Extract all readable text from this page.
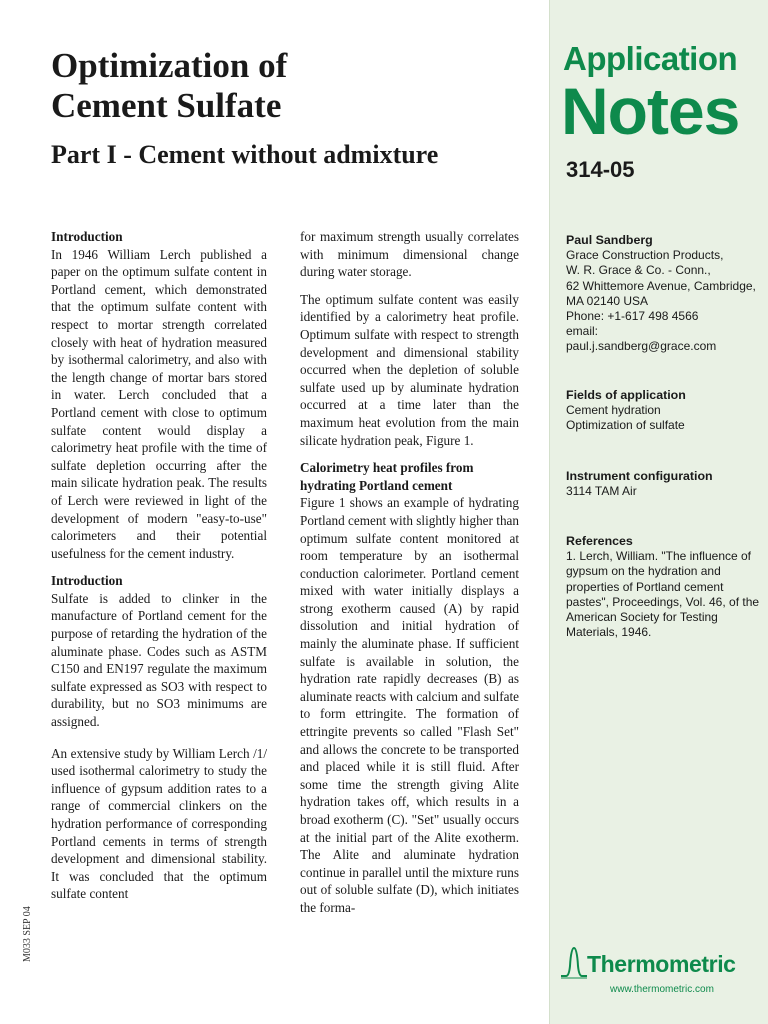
Optimization of
Cement Sulfate
Part I - Cement without admixture
Introduction

In 1946 William Lerch published a paper on the optimum sulfate content in Portland cement, which demonstrated that the optimum sulfate content with respect to mortar strength correlated closely with heat of hydration measured by isothermal calorimetry, and also with the length change of mortar bars stored in water. Lerch concluded that a Portland cement with close to optimum sulfate content would display a calorimetry heat profile with the time of sulfate depletion occurring after the main silicate hydration peak. The results of Lerch were reviewed in light of the development of modern "easy-to-use" calorimeters and their potential usefulness for the cement industry.

Introduction

Sulfate is added to clinker in the manufacture of Portland cement for the purpose of retarding the hydration of the aluminate phase. Codes such as ASTM C150 and EN197 regulate the maximum sulfate expressed as SO3 with respect to durability, but no SO3 minimums are assigned.

An extensive study by William Lerch /1/ used isothermal calorimetry to study the influence of gypsum addition rates to a range of commercial clinkers on the hydration performance of corresponding Portland cements in terms of strength development and dimensional stability. It was concluded that the optimum sulfate content

for maximum strength usually correlates with minimum dimensional change during water storage.

The optimum sulfate content was easily identified by a calorimetry heat profile. Optimum sulfate with respect to strength development and dimensional stability occurred when the depletion of soluble sulfate used up by aluminate hydration occurred at a time later than the maximum heat evolution from the main silicate hydration peak, Figure 1.

Calorimetry heat profiles from hydrating Portland cement

Figure 1 shows an example of hydrating Portland cement with slightly higher than optimum sulfate content monitored at room temperature by an isothermal conduction calorimeter. Portland cement mixed with water initially displays a strong exotherm caused (A) by rapid dissolution and initial hydration of mainly the aluminate phase. If sufficient sulfate is available in solution, the hydration rate rapidly decreases (B) as aluminate reacts with calcium and sulfate to form ettringite. The formation of ettringite prevents so called "Flash Set" and allows the concrete to be transported and placed while it is still fluid. After some time the strength giving Alite hydration takes off, which results in a broad exotherm (C). "Set" usually occurs at the initial part of the Alite exotherm. The Alite and aluminate hydration continue in parallel until the mixture runs out of soluble sulfate (D), which initiates the forma-

M033 SEP 04
Application
Notes
314-05
Paul Sandberg
Grace Construction Products,
W. R. Grace & Co. - Conn.,
62 Whittemore Avenue, Cambridge, MA 02140 USA
Phone: +1-617 498 4566
email:
paul.j.sandberg@grace.com
Fields of application
Cement hydration
Optimization of sulfate
Instrument configuration
3114 TAM Air
References
1. Lerch, William. "The influence of gypsum on the hydration and properties of Portland cement pastes", Proceedings, Vol. 46, of the American Society for Testing Materials, 1946.
Thermometric
www.thermometric.com
